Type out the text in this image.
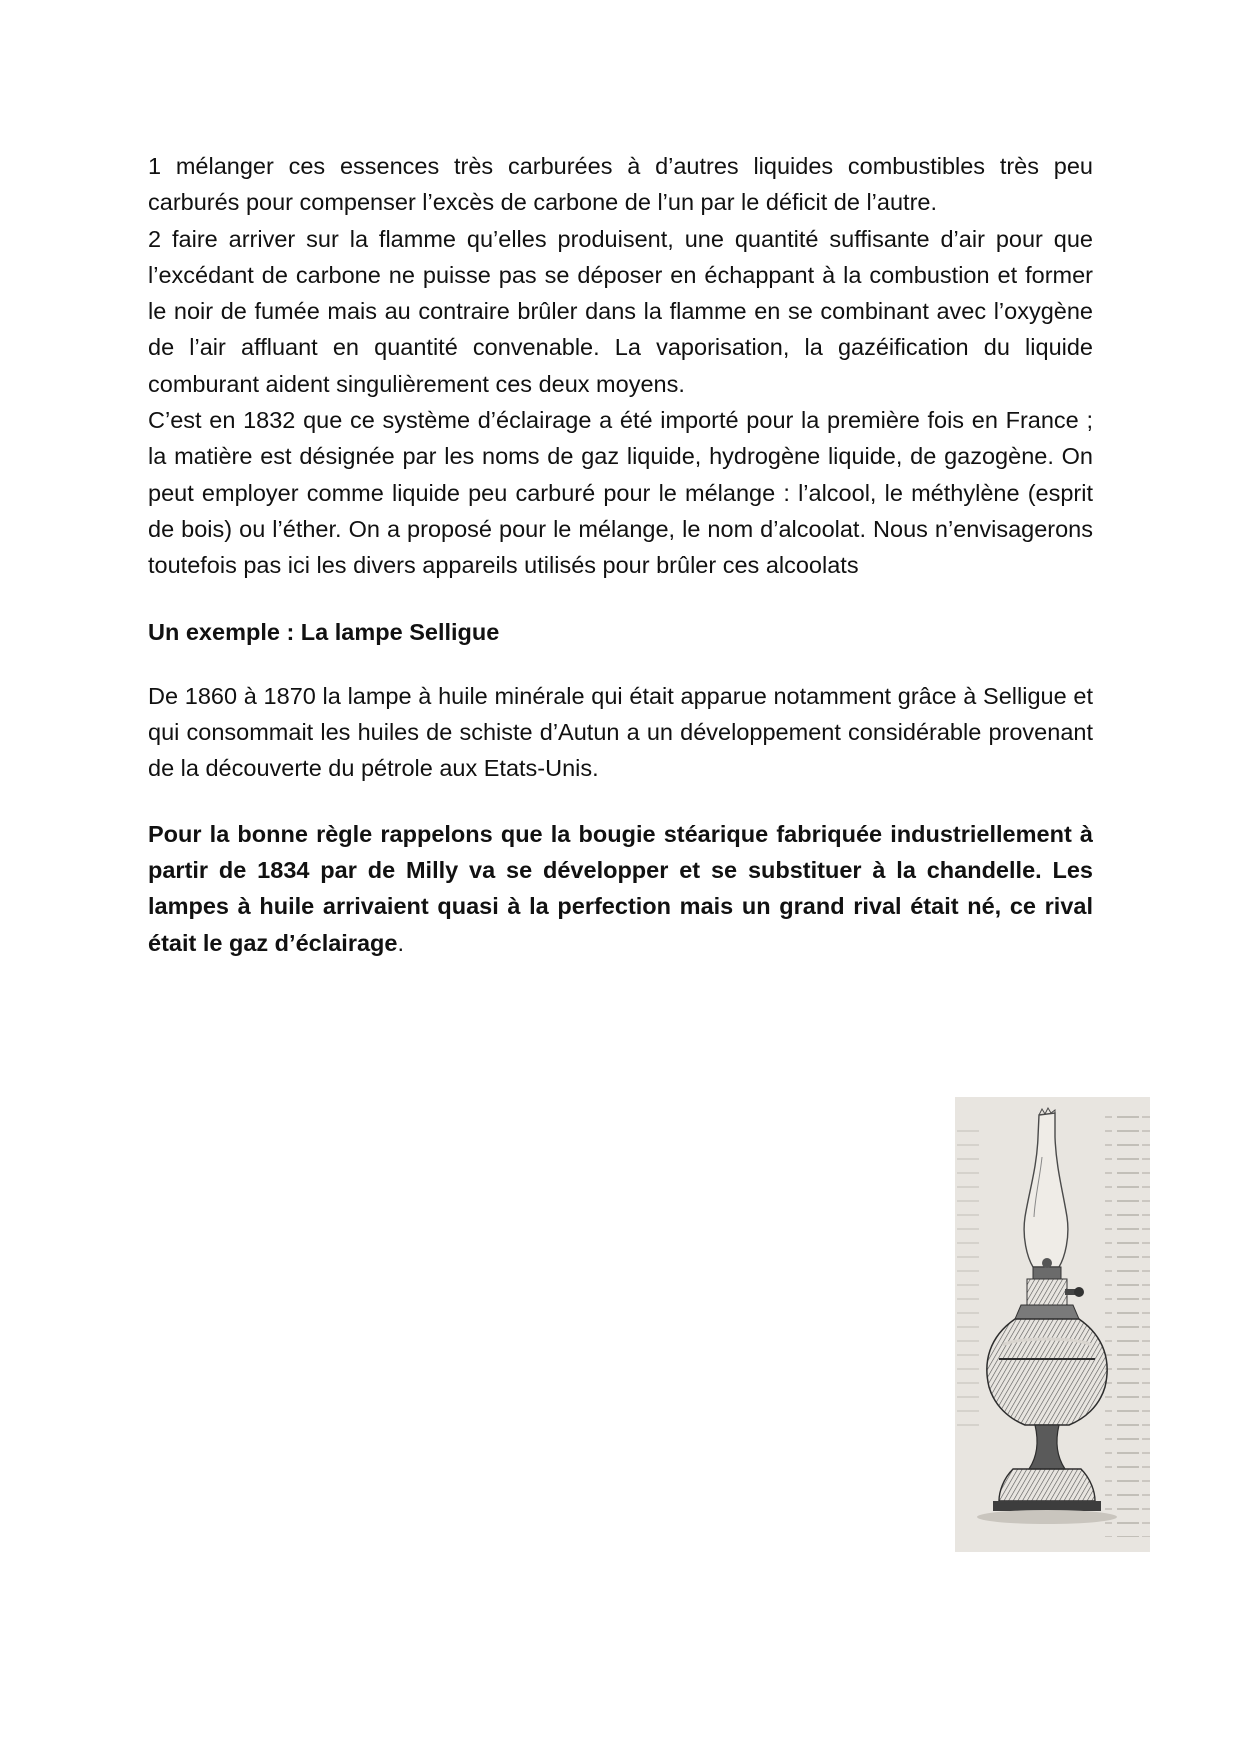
1 mélanger ces essences très carburées à d’autres liquides combustibles très peu carburés pour compenser l’excès de carbone de l’un par le déficit de l’autre.

2 faire arriver sur la flamme qu’elles produisent, une quantité suffisante d’air pour que l’excédant de carbone ne puisse pas se déposer en échappant à la combustion et former le noir de fumée mais au contraire brûler dans la flamme en se combinant avec l’oxygène de l’air affluant en quantité convenable. La vaporisation, la gazéification du liquide comburant aident singulièrement ces deux moyens.

C’est en 1832 que ce système d’éclairage a été importé pour la première fois en France ; la matière est désignée par les noms de gaz liquide, hydrogène liquide, de gazogène. On peut employer comme liquide peu carburé pour le mélange : l’alcool, le méthylène (esprit de bois) ou l’éther. On a proposé pour le mélange, le nom d’alcoolat. Nous n’envisagerons toutefois pas ici les divers appareils utilisés pour brûler ces alcoolats

Un exemple : La lampe Selligue

De 1860 à 1870 la lampe à huile minérale qui était apparue notamment grâce à Selligue et qui consommait les huiles de schiste d’Autun a un développement considérable provenant de la découverte du pétrole aux Etats-Unis.

Pour la bonne règle rappelons que la bougie stéarique fabriquée industriellement à partir de 1834 par de Milly va se développer et se substituer à la chandelle. Les lampes à huile arrivaient quasi à la perfection mais un grand rival était né, ce rival était le gaz d’éclairage.
